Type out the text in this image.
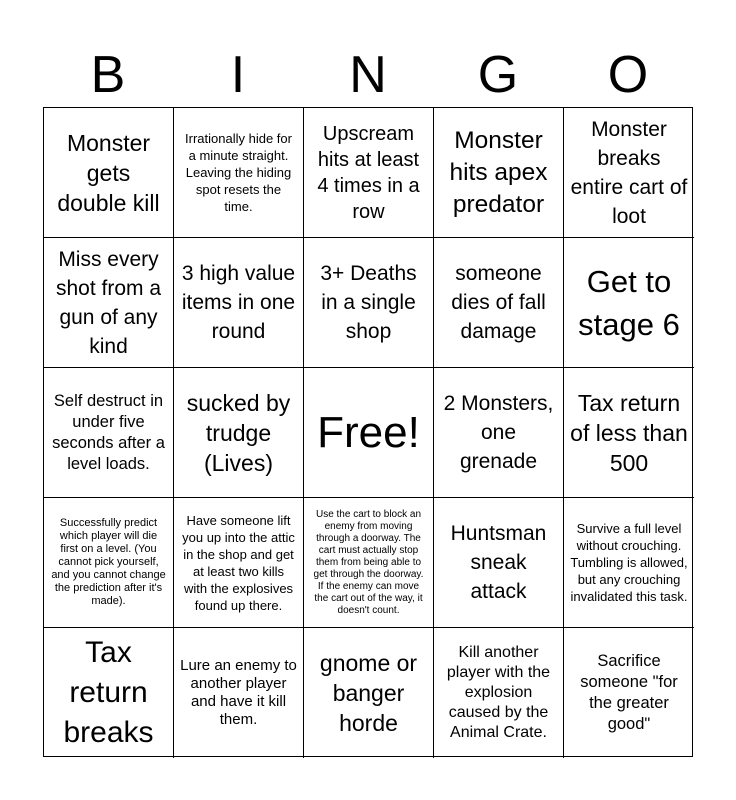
B	I	N	G	O
Monster gets double kill
Irrationally hide for a minute straight. Leaving the hiding spot resets the time.
Upscream hits at least 4 times in a row
Monster hits apex predator
Monster breaks entire cart of loot
Miss every shot from a gun of any kind
3 high value items in one round
3+ Deaths in a single shop
someone dies of fall damage
Get to stage 6
Self destruct in under five seconds after a level loads.
sucked by trudge (Lives)
Free!
2 Monsters, one grenade
Tax return of less than 500
Successfully predict which player will die first on a level. (You cannot pick yourself, and you cannot change the prediction after it's made).
Have someone lift you up into the attic in the shop and get at least two kills with the explosives found up there.
Use the cart to block an enemy from moving through a doorway. The cart must actually stop them from being able to get through the doorway. If the enemy can move the cart out of the way, it doesn't count.
Huntsman sneak attack
Survive a full level without crouching. Tumbling is allowed, but any crouching invalidated this task.
Tax return breaks
Lure an enemy to another player and have it kill them.
gnome or banger horde
Kill another player with the explosion caused by the Animal Crate.
Sacrifice someone "for the greater good"
